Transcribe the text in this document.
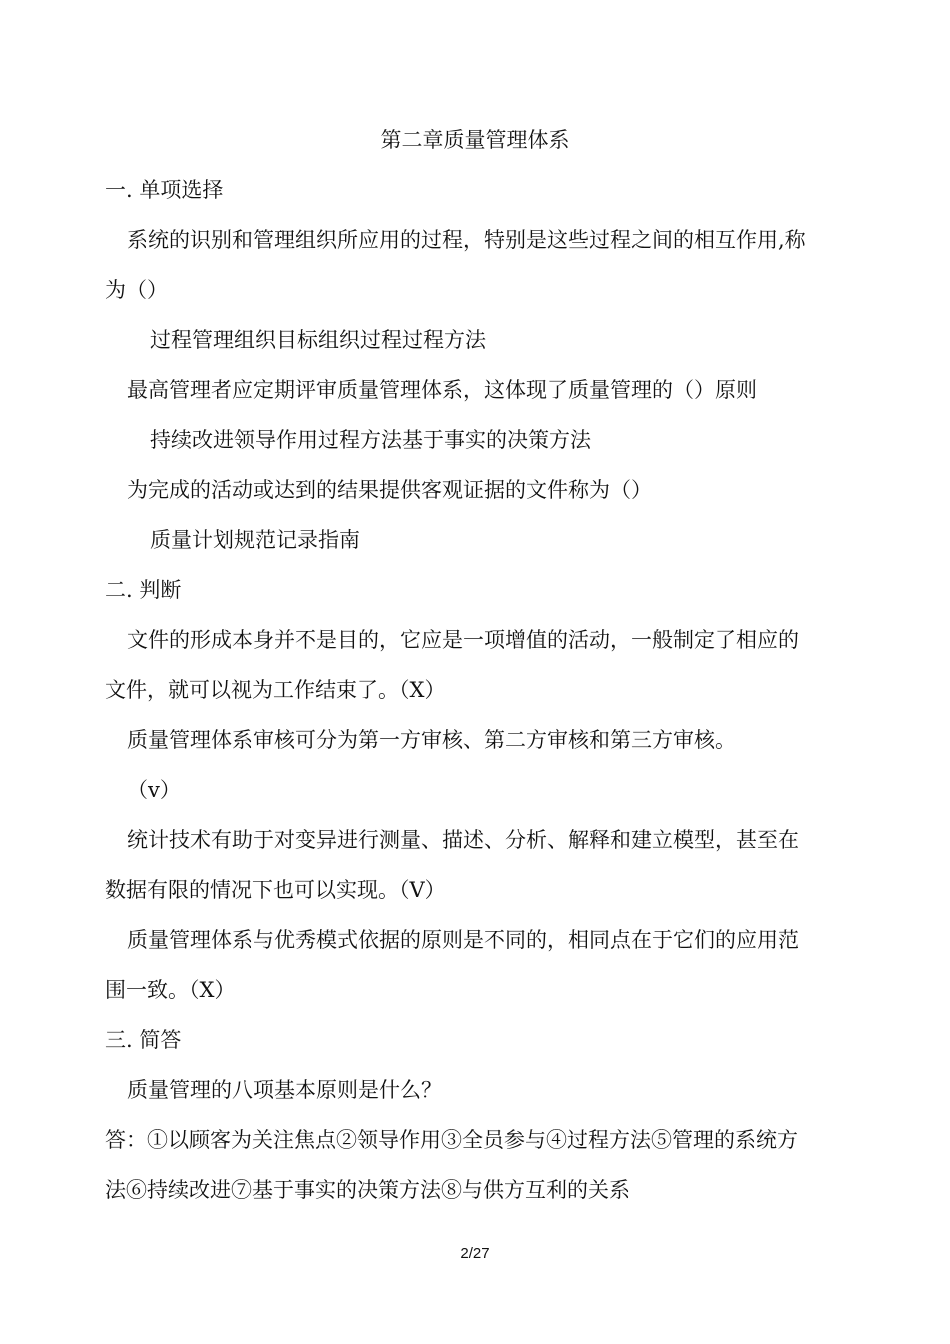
第二章质量管理体系
一. 单项选择
系统的识别和管理组织所应用的过程，特别是这些过程之间的相互作用,称
为（）
过程管理组织目标组织过程过程方法
最高管理者应定期评审质量管理体系，这体现了质量管理的（）原则
持续改进领导作用过程方法基于事实的决策方法
为完成的活动或达到的结果提供客观证据的文件称为（）
质量计划规范记录指南
二. 判断
文件的形成本身并不是目的，它应是一项增值的活动，一般制定了相应的
文件，就可以视为工作结束了。（X）
质量管理体系审核可分为第一方审核、第二方审核和第三方审核。
（v）
统计技术有助于对变异进行测量、描述、分析、解释和建立模型，甚至在
数据有限的情况下也可以实现。（V）
质量管理体系与优秀模式依据的原则是不同的，相同点在于它们的应用范
围一致。（X）
三. 简答
质量管理的八项基本原则是什么？
答：①以顾客为关注焦点②领导作用③全员参与④过程方法⑤管理的系统方
法⑥持续改进⑦基于事实的决策方法⑧与供方互利的关系
2/27
